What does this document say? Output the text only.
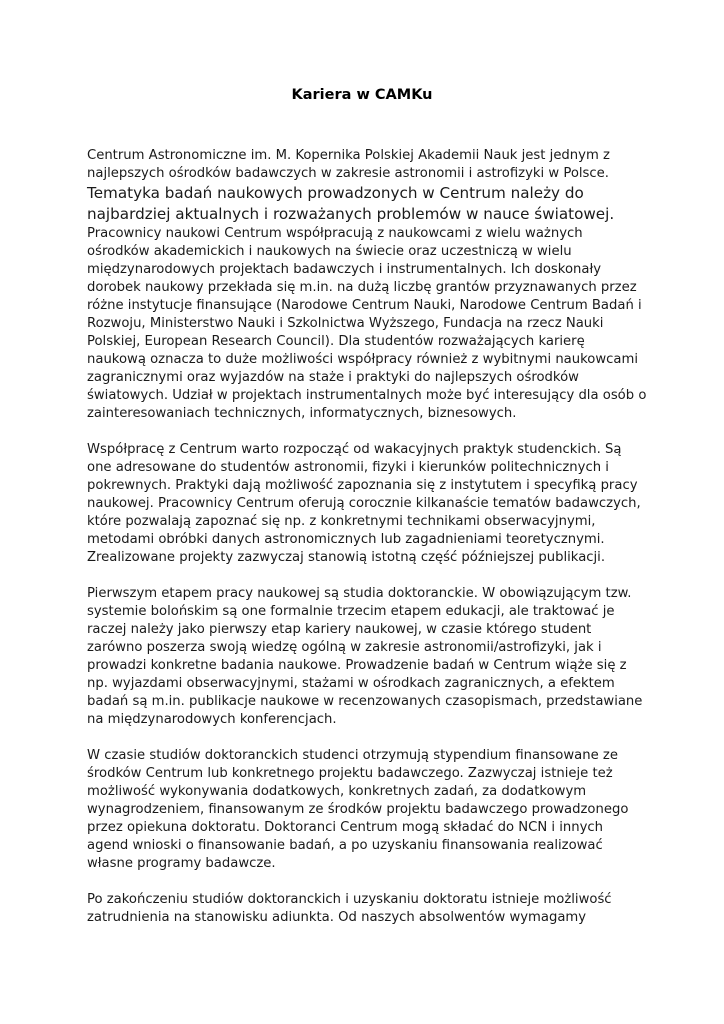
Kariera w CAMKu

Centrum Astronomiczne im. M. Kopernika Polskiej Akademii Nauk jest jednym z najlepszych ośrodków badawczych w zakresie astronomii i astrofizyki w Polsce. Tematyka badań naukowych prowadzonych w Centrum należy do najbardziej aktualnych i rozważanych problemów w nauce światowej. Pracownicy naukowi Centrum współpracują z naukowcami z wielu ważnych ośrodków akademickich i naukowych na świecie oraz uczestniczą w wielu międzynarodowych projektach badawczych i instrumentalnych. Ich doskonały dorobek naukowy przekłada się m.in. na dużą liczbę grantów przyznawanych przez różne instytucje finansujące (Narodowe Centrum Nauki, Narodowe Centrum Badań i Rozwoju, Ministerstwo Nauki i Szkolnictwa Wyższego, Fundacja na rzecz Nauki Polskiej, European Research Council). Dla studentów rozważających karierę naukową oznacza to duże możliwości współpracy również z wybitnymi naukowcami zagranicznymi oraz wyjazdów na staże i praktyki do najlepszych ośrodków światowych. Udział w projektach instrumentalnych może być interesujący dla osób o zainteresowaniach technicznych, informatycznych, biznesowych.

Współpracę z Centrum warto rozpocząć od wakacyjnych praktyk studenckich. Są one adresowane do studentów astronomii, fizyki i kierunków politechnicznych i pokrewnych. Praktyki dają możliwość zapoznania się z instytutem i specyfiką pracy naukowej. Pracownicy Centrum oferują corocznie kilkanaście tematów badawczych, które pozwalają zapoznać się np. z konkretnymi technikami obserwacyjnymi, metodami obróbki danych astronomicznych lub zagadnieniami teoretycznymi. Zrealizowane projekty zazwyczaj stanowią istotną część późniejszej publikacji.

Pierwszym etapem pracy naukowej są studia doktoranckie. W obowiązującym tzw. systemie bolońskim są one formalnie trzecim etapem edukacji, ale traktować je raczej należy jako pierwszy etap kariery naukowej, w czasie którego student zarówno poszerza swoją wiedzę ogólną w zakresie astronomii/astrofizyki, jak i prowadzi konkretne badania naukowe. Prowadzenie badań w Centrum wiąże się z np. wyjazdami obserwacyjnymi, stażami w ośrodkach zagranicznych, a efektem badań są m.in. publikacje naukowe w recenzowanych czasopismach, przedstawiane na międzynarodowych konferencjach.

W czasie studiów doktoranckich studenci otrzymują stypendium finansowane ze środków Centrum lub konkretnego projektu badawczego. Zazwyczaj istnieje też możliwość wykonywania dodatkowych, konkretnych zadań, za dodatkowym wynagrodzeniem, finansowanym ze środków projektu badawczego prowadzonego przez opiekuna doktoratu. Doktoranci Centrum mogą składać do NCN i innych agend wnioski o finansowanie badań, a po uzyskaniu finansowania realizować własne programy badawcze.

Po zakończeniu studiów doktoranckich i uzyskaniu doktoratu istnieje możliwość zatrudnienia na stanowisku adiunkta. Od naszych absolwentów wymagamy
